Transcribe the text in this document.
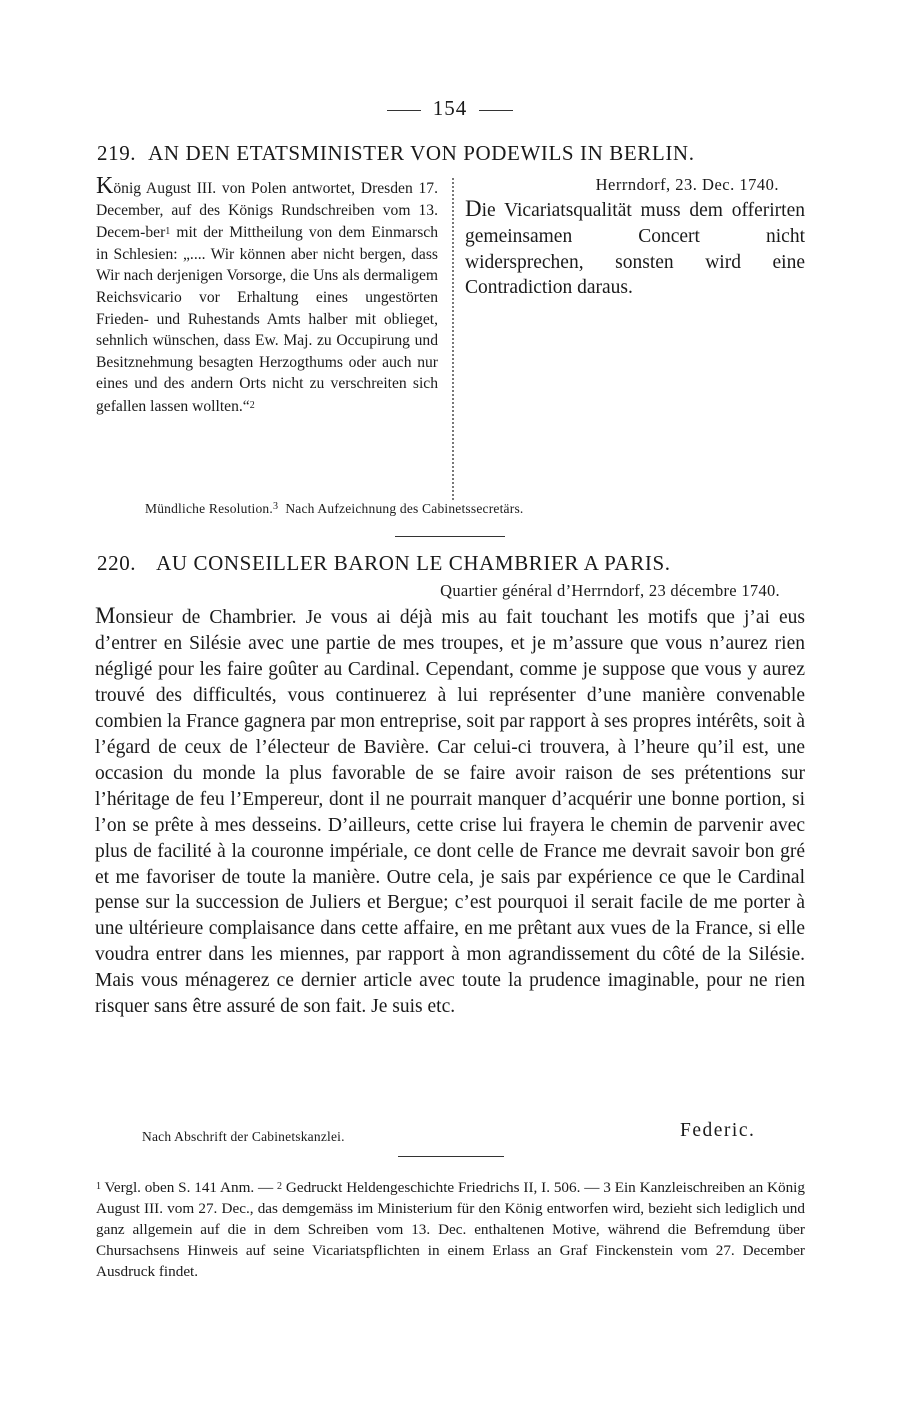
154
219. AN DEN ETATSMINISTER VON PODEWILS IN BERLIN.
König August III. von Polen antwortet, Dresden 17. December, auf des Königs Rundschreiben vom 13. Decem-ber$^1$ mit der Mittheilung von dem Einmarsch in Schlesien: „.... Wir können aber nicht bergen, dass Wir nach derjenigen Vorsorge, die Uns als dermaligem Reichsvicario vor Erhaltung eines ungestörten Frieden- und Ruhestands Amts halber mit oblieget, sehnlich wünschen, dass Ew. Maj. zu Occupirung und Besitznehmung besagten Herzogthums oder auch nur eines und des andern Orts nicht zu verschreiten sich gefallen lassen wollten.“$^2$
Herrndorf, 23. Dec. 1740.
Die Vicariatsqualität muss dem offerirten gemeinsamen Concert nicht widersprechen, sonsten wird eine Contradiction daraus.
Mündliche Resolution.$^3$ Nach Aufzeichnung des Cabinetssecretärs.
220. AU CONSEILLER BARON LE CHAMBRIER A PARIS.
Quartier général d’Herrndorf, 23 décembre 1740.
Monsieur de Chambrier. Je vous ai déjà mis au fait touchant les motifs que j’ai eus d’entrer en Silésie avec une partie de mes troupes, et je m’assure que vous n’aurez rien négligé pour les faire goûter au Cardinal. Cependant, comme je suppose que vous y aurez trouvé des difficultés, vous continuerez à lui représenter d’une manière convenable combien la France gagnera par mon entreprise, soit par rapport à ses propres intérêts, soit à l’égard de ceux de l’électeur de Bavière. Car celui-ci trouvera, à l’heure qu’il est, une occasion du monde la plus favorable de se faire avoir raison de ses prétentions sur l’héritage de feu l’Empereur, dont il ne pourrait manquer d’acquérir une bonne portion, si l’on se prête à mes desseins. D’ailleurs, cette crise lui frayera le chemin de parvenir avec plus de facilité à la couronne impériale, ce dont celle de France me devrait savoir bon gré et me favoriser de toute la manière. Outre cela, je sais par expérience ce que le Cardinal pense sur la succession de Juliers et Bergue; c’est pourquoi il serait facile de me porter à une ultérieure complaisance dans cette affaire, en me prêtant aux vues de la France, si elle voudra entrer dans les miennes, par rapport à mon agrandissement du côté de la Silésie. Mais vous ménagerez ce dernier article avec toute la prudence imaginable, pour ne rien risquer sans être assuré de son fait. Je suis etc.
Nach Abschrift der Cabinetskanzlei.	Federic.
$^1$ Vergl. oben S. 141 Anm. — $^2$ Gedruckt Heldengeschichte Friedrichs II, I. 506. — 3 Ein Kanzleischreiben an König August III. vom 27. Dec., das demgemäss im Ministerium für den König entworfen wird, bezieht sich lediglich und ganz allgemein auf die in dem Schreiben vom 13. Dec. enthaltenen Motive, während die Befremdung über Chursachsens Hinweis auf seine Vicariatspflichten in einem Erlass an Graf Finckenstein vom 27. December Ausdruck findet.
